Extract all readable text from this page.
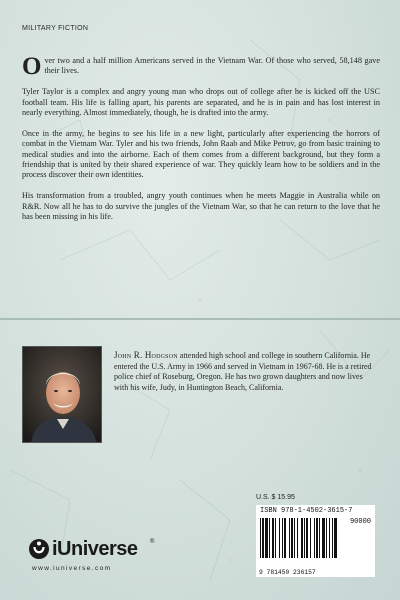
MILITARY FICTION

Over two and a half million Americans served in the Vietnam War. Of those who served, 58,148 gave their lives.

Tyler Taylor is a complex and angry young man who drops out of college after he is kicked off the USC football team. His life is falling apart, his parents are separated, and he is in pain and has lost interest in nearly everything. Almost immediately, though, he is drafted into the army.

Once in the army, he begins to see his life in a new light, particularly after experiencing the horrors of combat in the Vietnam War. Tyler and his two friends, John Raab and Mike Petrov, go from basic training to medical studies and into the airborne. Each of them comes from a different background, but they form a friendship that is united by their shared experience of war. They quickly learn how to be soldiers and in the process discover their own identities.

His transformation from a troubled, angry youth continues when he meets Maggie in Australia while on R&R. Now all he has to do survive the jungles of the Vietnam War, so that he can return to the love that he has been missing in his life.

John R. Hodgson attended high school and college in southern California. He entered the U.S. Army in 1966 and served in Vietnam in 1967-68. He is a retired police chief of Roseburg, Oregon. He has two grown daughters and now lives with his wife, Judy, in Huntington Beach, California.
U.S. $ 15.95
ISBN 978-1-4502-3615-7
90000
9 781450 236157
iUniverse ®
www.iuniverse.com
